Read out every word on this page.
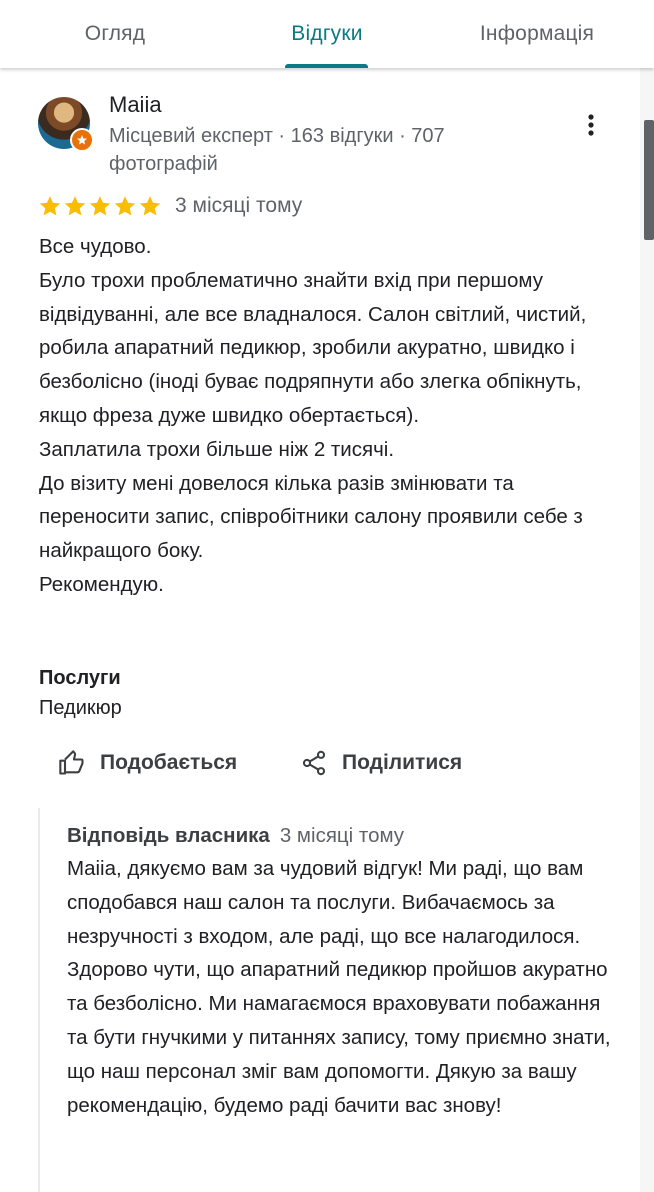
Огляд	Відгуки	Інформація
Maiia
Місцевий експерт · 163 відгуки · 707 фотографій
3 місяці тому
Все чудово.
Було трохи проблематично знайти вхід при першому відвідуванні, але все владналося. Салон світлий, чистий, робила апаратний педикюр, зробили акуратно, швидко і безболісно (іноді буває подряпнути або злегка обпікнуть, якщо фреза дуже швидко обертається).
Заплатила трохи більше ніж 2 тисячі.
До візиту мені довелося кілька разів змінювати та переносити запис, співробітники салону проявили себе з найкращого боку.
Рекомендую.
Послуги
Педикюр
Подобається	Поділитися
Відповідь власника 3 місяці тому
Maiia, дякуємо вам за чудовий відгук! Ми раді, що вам сподобався наш салон та послуги. Вибачаємось за незручності з входом, але раді, що все налагодилося. Здорово чути, що апаратний педикюр пройшов акуратно та безболісно. Ми намагаємося враховувати побажання та бути гнучкими у питаннях запису, тому приємно знати, що наш персонал зміг вам допомогти. Дякую за вашу рекомендацію, будемо раді бачити вас знову!
